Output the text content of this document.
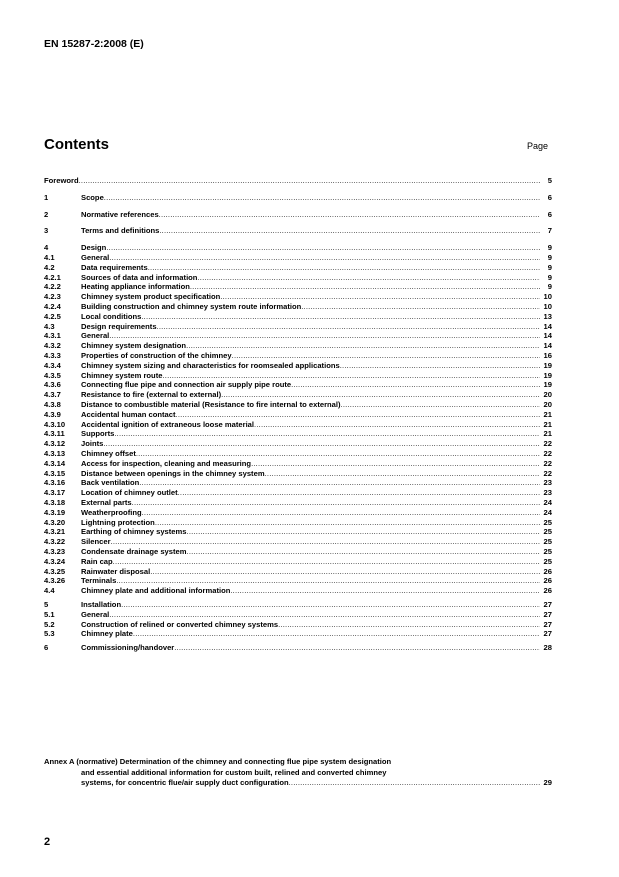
EN 15287-2:2008 (E)
Contents	Page
Foreword .....	5
1	Scope .....	6
2	Normative references .....	6
3	Terms and definitions .....	7
4	Design .....	9
4.1	General .....	9
4.2	Data requirements .....	9
4.2.1	Sources of data and information .....	9
4.2.2	Heating appliance information .....	9
4.2.3	Chimney system product specification .....	10
4.2.4	Building construction and chimney system route information .....	10
4.2.5	Local conditions .....	13
4.3	Design requirements .....	14
4.3.1	General .....	14
4.3.2	Chimney system designation .....	14
4.3.3	Properties of construction of the chimney .....	16
4.3.4	Chimney system sizing and characteristics for roomsealed applications .....	19
4.3.5	Chimney system route .....	19
4.3.6	Connecting flue pipe and connection air supply pipe route .....	19
4.3.7	Resistance to fire (external to external) .....	20
4.3.8	Distance to combustible material (Resistance to fire internal to external) .....	20
4.3.9	Accidental human contact .....	21
4.3.10	Accidental ignition of extraneous loose material .....	21
4.3.11	Supports .....	21
4.3.12	Joints .....	22
4.3.13	Chimney offset .....	22
4.3.14	Access for inspection, cleaning and measuring .....	22
4.3.15	Distance between openings in the chimney system .....	22
4.3.16	Back ventilation .....	23
4.3.17	Location of chimney outlet .....	23
4.3.18	External parts .....	24
4.3.19	Weatherproofing .....	24
4.3.20	Lightning protection .....	25
4.3.21	Earthing of chimney systems .....	25
4.3.22	Silencer .....	25
4.3.23	Condensate drainage system .....	25
4.3.24	Rain cap .....	25
4.3.25	Rainwater disposal .....	26
4.3.26	Terminals .....	26
4.4	Chimney plate and additional information .....	26
5	Installation .....	27
5.1	General .....	27
5.2	Construction of relined or converted chimney systems .....	27
5.3	Chimney plate .....	27
6	Commissioning/handover .....	28
Annex A (normative) Determination of the chimney and connecting flue pipe system designation
and essential additional information for custom built, relined and converted chimney
systems, for concentric flue/air supply duct configuration .....	29
2
